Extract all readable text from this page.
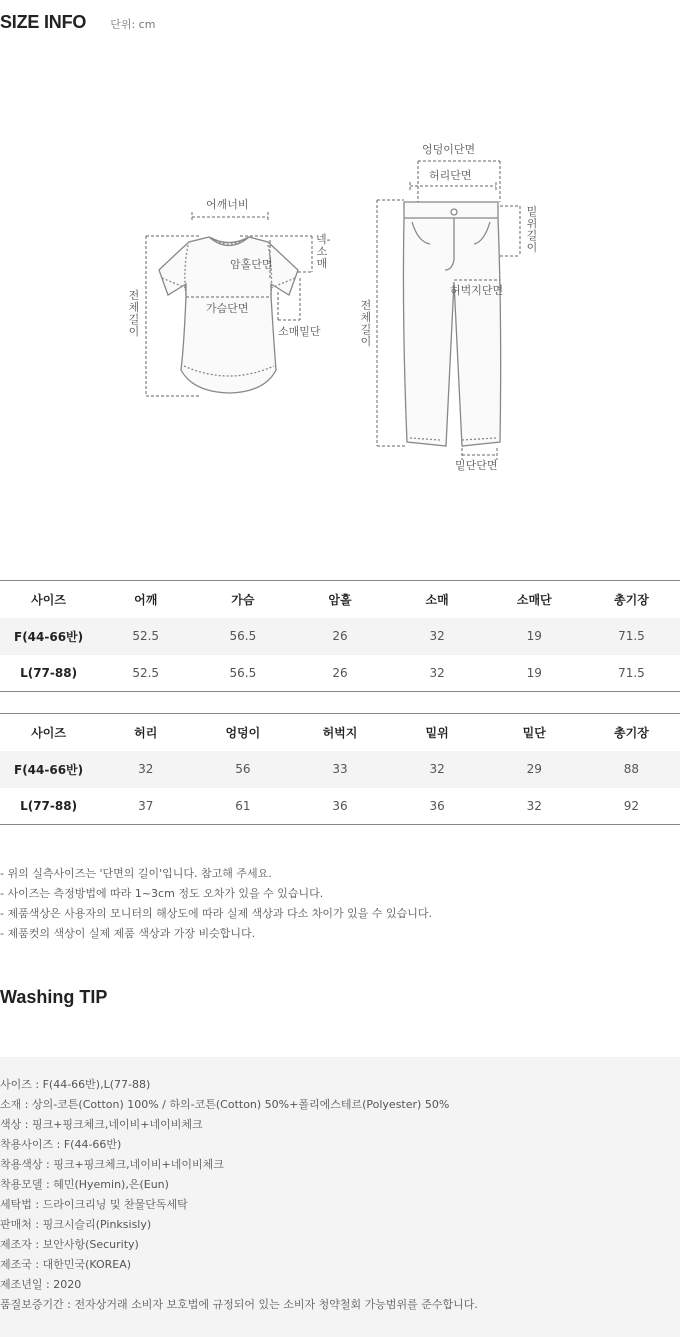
SIZE INFO 단위: cm
어깨너비
암홀단면
가슴단면
소매밑단
넥-소매
전체길이
엉덩이단면
허리단면
밑위길이
허벅지단면
밑단단면
전체길이
사이즈	어깨	가슴	암홀	소매	소매단	총기장
F(44-66반)	52.5	56.5	26	32	19	71.5
L(77-88)	52.5	56.5	26	32	19	71.5
사이즈	허리	엉덩이	허벅지	밑위	밑단	총기장
F(44-66반)	32	56	33	32	29	88
L(77-88)	37	61	36	36	32	92

- 위의 실측사이즈는 '단면의 길이'입니다. 참고해 주세요.

- 사이즈는 측정방법에 따라 1~3cm 정도 오차가 있을 수 있습니다.

- 제품색상은 사용자의 모니터의 해상도에 따라 실제 색상과 다소 차이가 있을 수 있습니다.

- 제품컷의 색상이 실제 제품 색상과 가장 비슷합니다.

Washing TIP

사이즈 : F(44-66반),L(77-88)

소재 : 상의-코튼(Cotton) 100% / 하의-코튼(Cotton) 50%+폴리에스테르(Polyester) 50%

색상 : 핑크+핑크체크,네이비+네이비체크

착용사이즈 : F(44-66반)

착용색상 : 핑크+핑크체크,네이비+네이비체크

착용모델 : 혜민(Hyemin),은(Eun)

세탁법 : 드라이크리닝 및 찬물단독세탁

판매처 : 핑크시슬리(Pinksisly)

제조자 : 보안사항(Security)

제조국 : 대한민국(KOREA)

제조년일 : 2020

품질보증기간 : 전자상거래 소비자 보호법에 규정되어 있는 소비자 청약철회 가능범위를 준수합니다.
